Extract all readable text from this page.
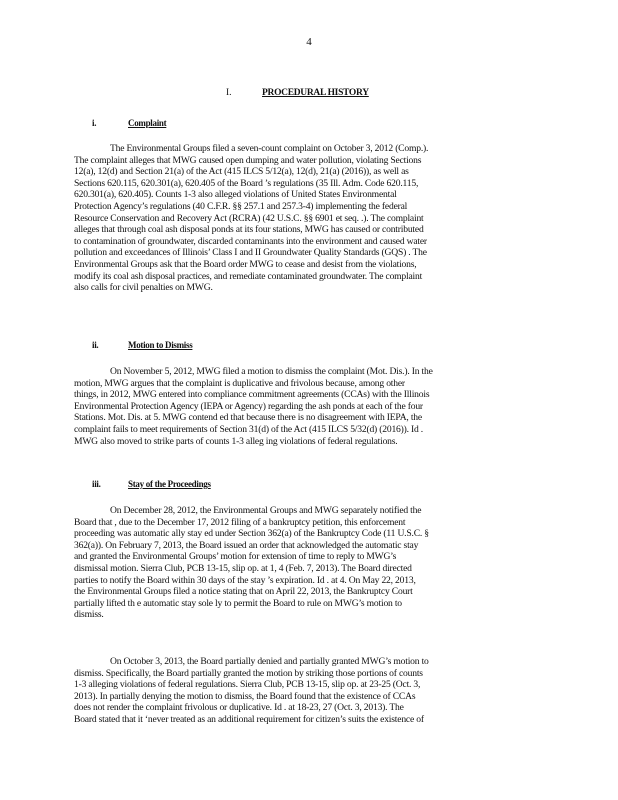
4
I.	PROCEDURAL HISTORY
i.	Complaint

The Environmental Groups filed a seven-count complaint on October 3, 2012 (Comp.).
The complaint alleges that MWG caused open dumping and water pollution, violating Sections
12(a), 12(d) and Section 21(a) of the Act (415 ILCS 5/12(a), 12(d), 21(a) (2016)), as well as
Sections 620.115, 620.301(a), 620.405 of the Board ’s regulations (35 Ill. Adm. Code 620.115,
620.301(a), 620.405). Counts 1-3 also alleged violations of United States Environmental
Protection Agency’s regulations (40 C.F.R. §§ 257.1 and 257.3-4) implementing the federal
Resource Conservation and Recovery Act (RCRA) (42 U.S.C. §§ 6901 et seq. .). The complaint
alleges that through coal ash disposal ponds at its four stations, MWG has caused or contributed
to contamination of groundwater, discarded contaminants into the environment and caused water
pollution and exceedances of Illinois’ Class I and II Groundwater Quality Standards (GQS) . The
Environmental Groups ask that the Board order MWG to cease and desist from the violations,
modify its coal ash disposal practices, and remediate contaminated groundwater. The complaint
also calls for civil penalties on MWG.

ii.	Motion to Dismiss

On November 5, 2012, MWG filed a motion to dismiss the complaint (Mot. Dis.). In the
motion, MWG argues that the complaint is duplicative and frivolous because, among other
things, in 2012, MWG entered into compliance commitment agreements (CCAs) with the Illinois
Environmental Protection Agency (IEPA or Agency) regarding the ash ponds at each of the four
Stations. Mot. Dis. at 5. MWG contend ed that because there is no disagreement with IEPA, the
complaint fails to meet requirements of Section 31(d) of the Act (415 ILCS 5/32(d) (2016)). Id .
MWG also moved to strike parts of counts 1-3 alleg ing violations of federal regulations.

iii.	Stay of the Proceedings

On December 28, 2012, the Environmental Groups and MWG separately notified the
Board that , due to the December 17, 2012 filing of a bankruptcy petition, this enforcement
proceeding was automatic ally stay ed under Section 362(a) of the Bankruptcy Code (11 U.S.C. §
362(a)). On February 7, 2013, the Board issued an order that acknowledged the automatic stay
and granted the Environmental Groups’ motion for extension of time to reply to MWG’s
dismissal motion. Sierra Club, PCB 13-15, slip op. at 1, 4 (Feb. 7, 2013). The Board directed
parties to notify the Board within 30 days of the stay ’s expiration. Id . at 4. On May 22, 2013,
the Environmental Groups filed a notice stating that on April 22, 2013, the Bankruptcy Court
partially lifted th e automatic stay sole ly to permit the Board to rule on MWG’s motion to
dismiss.

On October 3, 2013, the Board partially denied and partially granted MWG’s motion to
dismiss. Specifically, the Board partially granted the motion by striking those portions of counts
1-3 alleging violations of federal regulations. Sierra Club, PCB 13-15, slip op. at 23-25 (Oct. 3,
2013). In partially denying the motion to dismiss, the Board found that the existence of CCAs
does not render the complaint frivolous or duplicative. Id . at 18-23, 27 (Oct. 3, 2013). The
Board stated that it ‘never treated as an additional requirement for citizen’s suits the existence of
